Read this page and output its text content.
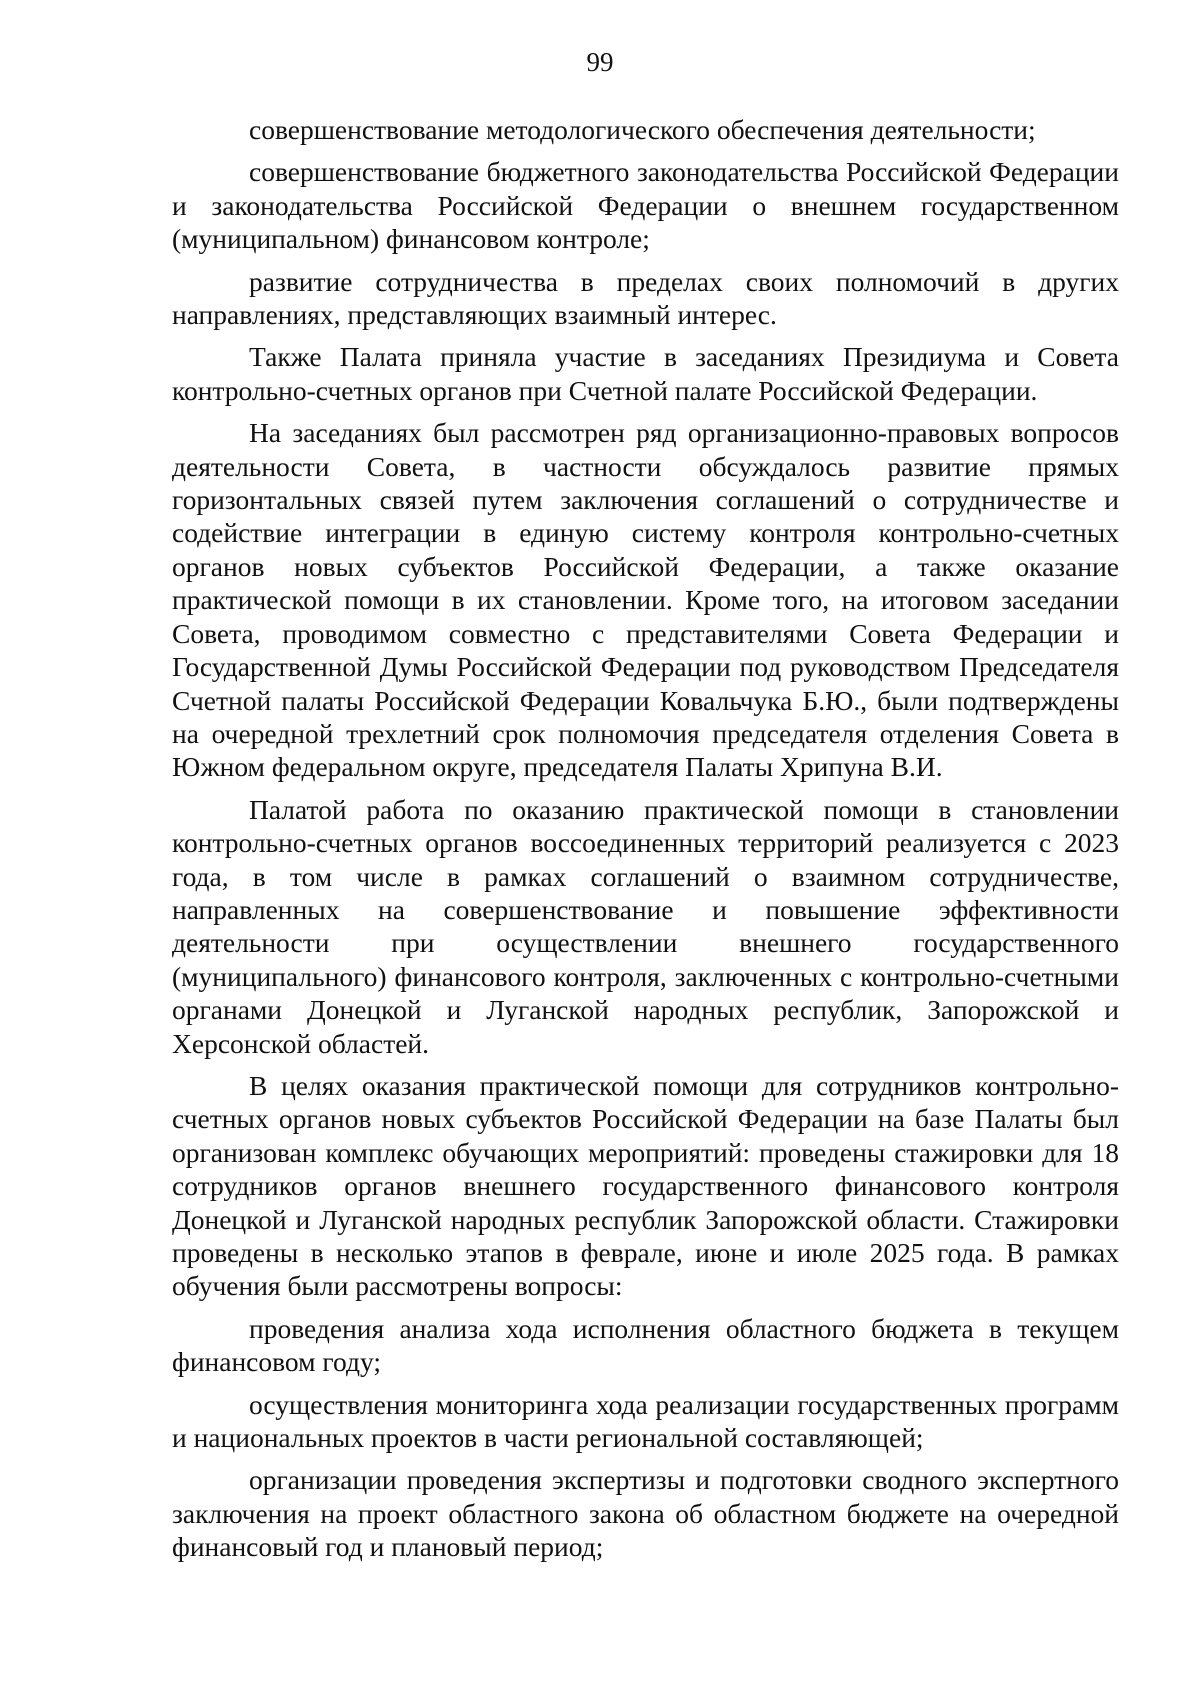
99

совершенствование методологического обеспечения деятельности;

совершенствование бюджетного законодательства Российской Федерации и законодательства Российской Федерации о внешнем государственном (муниципальном) финансовом контроле;

развитие сотрудничества в пределах своих полномочий в других направлениях, представляющих взаимный интерес.

Также Палата приняла участие в заседаниях Президиума и Совета контрольно-счетных органов при Счетной палате Российской Федерации.

На заседаниях был рассмотрен ряд организационно-правовых вопросов деятельности Совета, в частности обсуждалось развитие прямых горизонтальных связей путем заключения соглашений о сотрудничестве и содействие интеграции в единую систему контроля контрольно-счетных органов новых субъектов Российской Федерации, а также оказание практической помощи в их становлении. Кроме того, на итоговом заседании Совета, проводимом совместно с представителями Совета Федерации и Государственной Думы Российской Федерации под руководством Председателя Счетной палаты Российской Федерации Ковальчука Б.Ю., были подтверждены на очередной трехлетний срок полномочия председателя отделения Совета в Южном федеральном округе, председателя Палаты Хрипуна В.И.

Палатой работа по оказанию практической помощи в становлении контрольно-счетных органов воссоединенных территорий реализуется с 2023 года, в том числе в рамках соглашений о взаимном сотрудничестве, направленных на совершенствование и повышение эффективности деятельности при осуществлении внешнего государственного (муниципального) финансового контроля, заключенных с контрольно-счетными органами Донецкой и Луганской народных республик, Запорожской и Херсонской областей.

В целях оказания практической помощи для сотрудников контрольно-счетных органов новых субъектов Российской Федерации на базе Палаты был организован комплекс обучающих мероприятий: проведены стажировки для 18 сотрудников органов внешнего государственного финансового контроля Донецкой и Луганской народных республик Запорожской области. Стажировки проведены в несколько этапов в феврале, июне и июле 2025 года. В рамках обучения были рассмотрены вопросы:

проведения анализа хода исполнения областного бюджета в текущем финансовом году;

осуществления мониторинга хода реализации государственных программ и национальных проектов в части региональной составляющей;

организации проведения экспертизы и подготовки сводного экспертного заключения на проект областного закона об областном бюджете на очередной финансовый год и плановый период;
